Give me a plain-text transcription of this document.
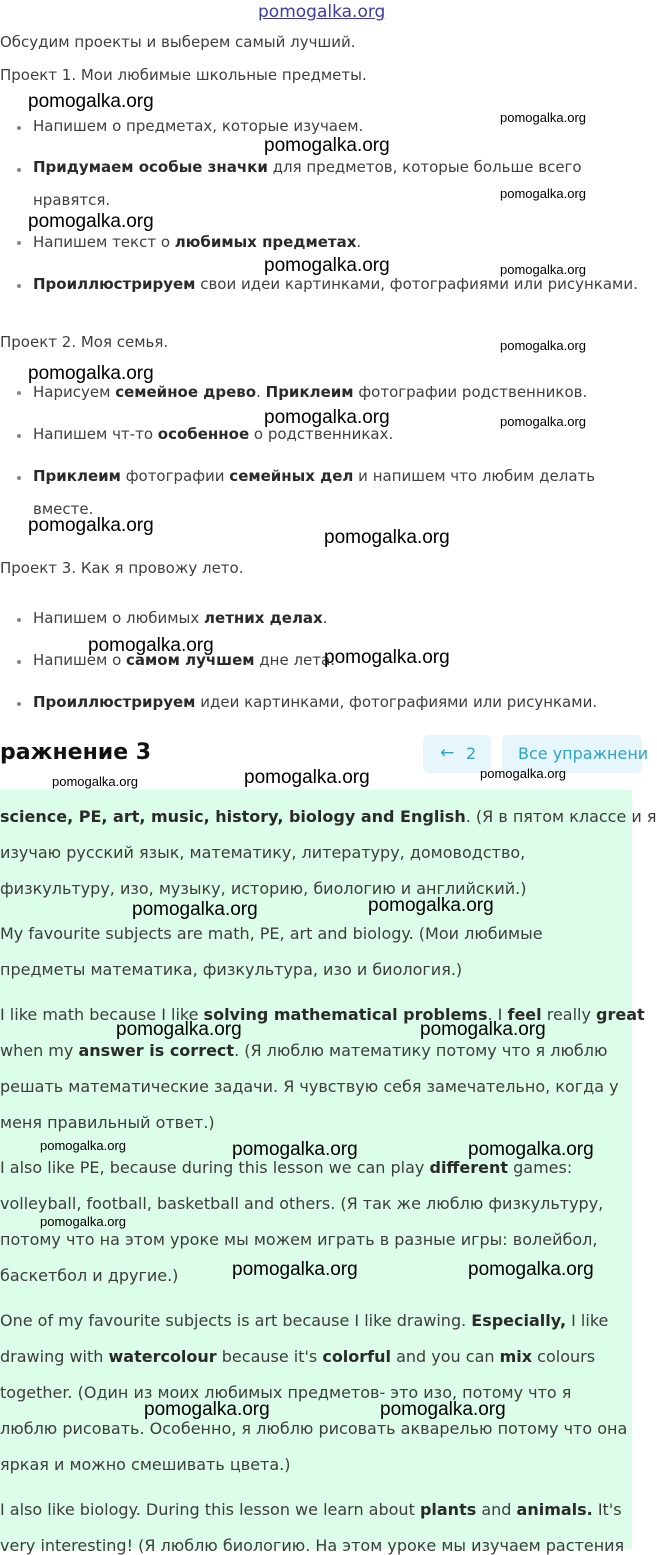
pomogalka.org
Обсудим проекты и выберем самый лучший.
Проект 1. Мои любимые школьные предметы.
Напишем о предметах, которые изучаем.
Придумаем особые значки для предметов, которые больше всего
нравятся.
Напишем текст о любимых предметах.
Проиллюстрируем свои идеи картинками, фотографиями или рисунками.
Проект 2. Моя семья.
Нарисуем семейное древо. Приклеим фотографии родственников.
Напишем чт-то особенное о родственниках.
Приклеим фотографии семейных дел и напишем что любим делать
вместе.
Проект 3. Как я провожу лето.
Напишем о любимых летних делах.
Напишем о самом лучшем дне лета.
Проиллюстрируем идеи картинками, фотографиями или рисунками.
ражнение 3	← 2	Все упражнени
science, PE, art, music, history, biology and English. (Я в пятом классе и я
изучаю русский язык, математику, литературу, домоводство,
физкультуру, изо, музыку, историю, биологию и английский.)
My favourite subjects are math, PE, art and biology. (Мои любимые
предметы математика, физкультура, изо и биология.)
I like math because I like solving mathematical problems. I feel really great
when my answer is correct. (Я люблю математику потому что я люблю
решать математические задачи. Я чувствую себя замечательно, когда у
меня правильный ответ.)
I also like PE, because during this lesson we can play different games:
volleyball, football, basketball and others. (Я так же люблю физкультуру,
потому что на этом уроке мы можем играть в разные игры: волейбол,
баскетбол и другие.)
One of my favourite subjects is art because I like drawing. Especially, I like
drawing with watercolour because it's colorful and you can mix colours
together. (Один из моих любимых предметов- это изо, потому что я
люблю рисовать. Особенно, я люблю рисовать акварелью потому что она
яркая и можно смешивать цвета.)
I also like biology. During this lesson we learn about plants and animals. It's
very interesting! (Я люблю биологию. На этом уроке мы изучаем растения
pomogalka.org
pomogalka.org
pomogalka.org
pomogalka.org
pomogalka.org
pomogalka.org
pomogalka.org
pomogalka.org
pomogalka.org
pomogalka.org
pomogalka.org
pomogalka.org	pomogalka.org
pomogalka.org	pomogalka.org
pomogalka.org	pomogalka.org
pomogalka.org	pomogalka.org
pomogalka.org	pomogalka.org
pomogalka.org
pomogalka.org
pomogalka.org
pomogalka.org
pomogalka.org
pomogalka.org
pomogalka.org
pomogalka.org
pomogalka.org
